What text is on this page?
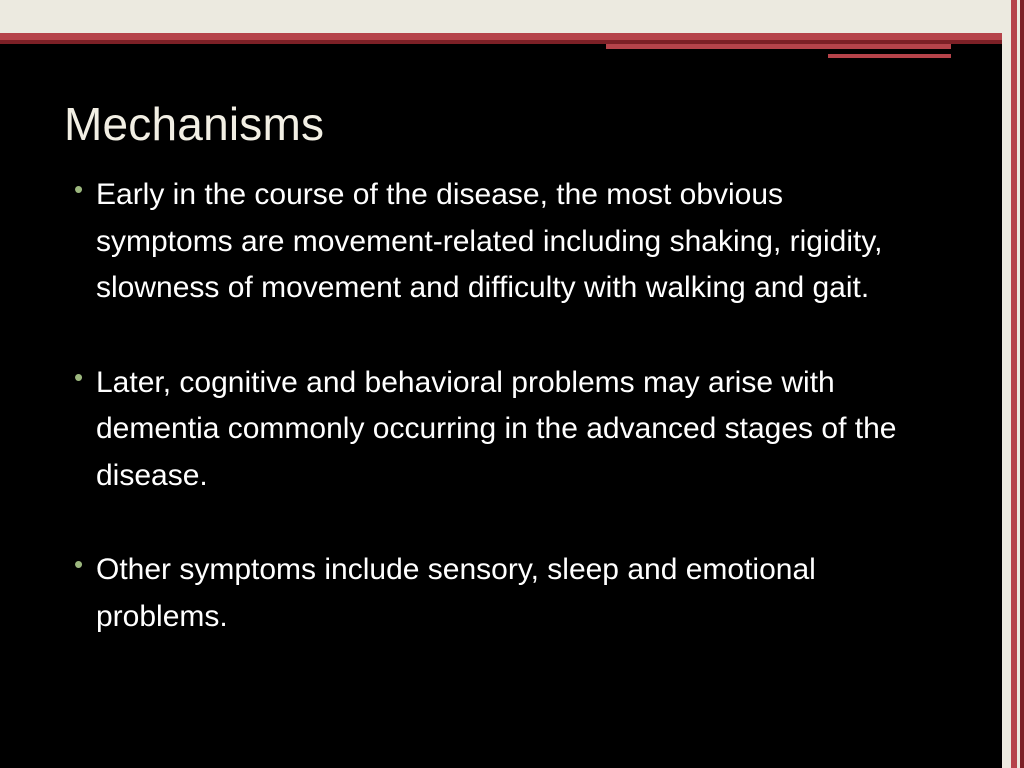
Mechanisms
• Early in the course of the disease, the most obvious symptoms are movement-related including shaking, rigidity, slowness of movement and difficulty with walking and gait.
• Later, cognitive and behavioral problems may arise with dementia commonly occurring in the advanced stages of the disease.
• Other symptoms include sensory, sleep and emotional problems.
